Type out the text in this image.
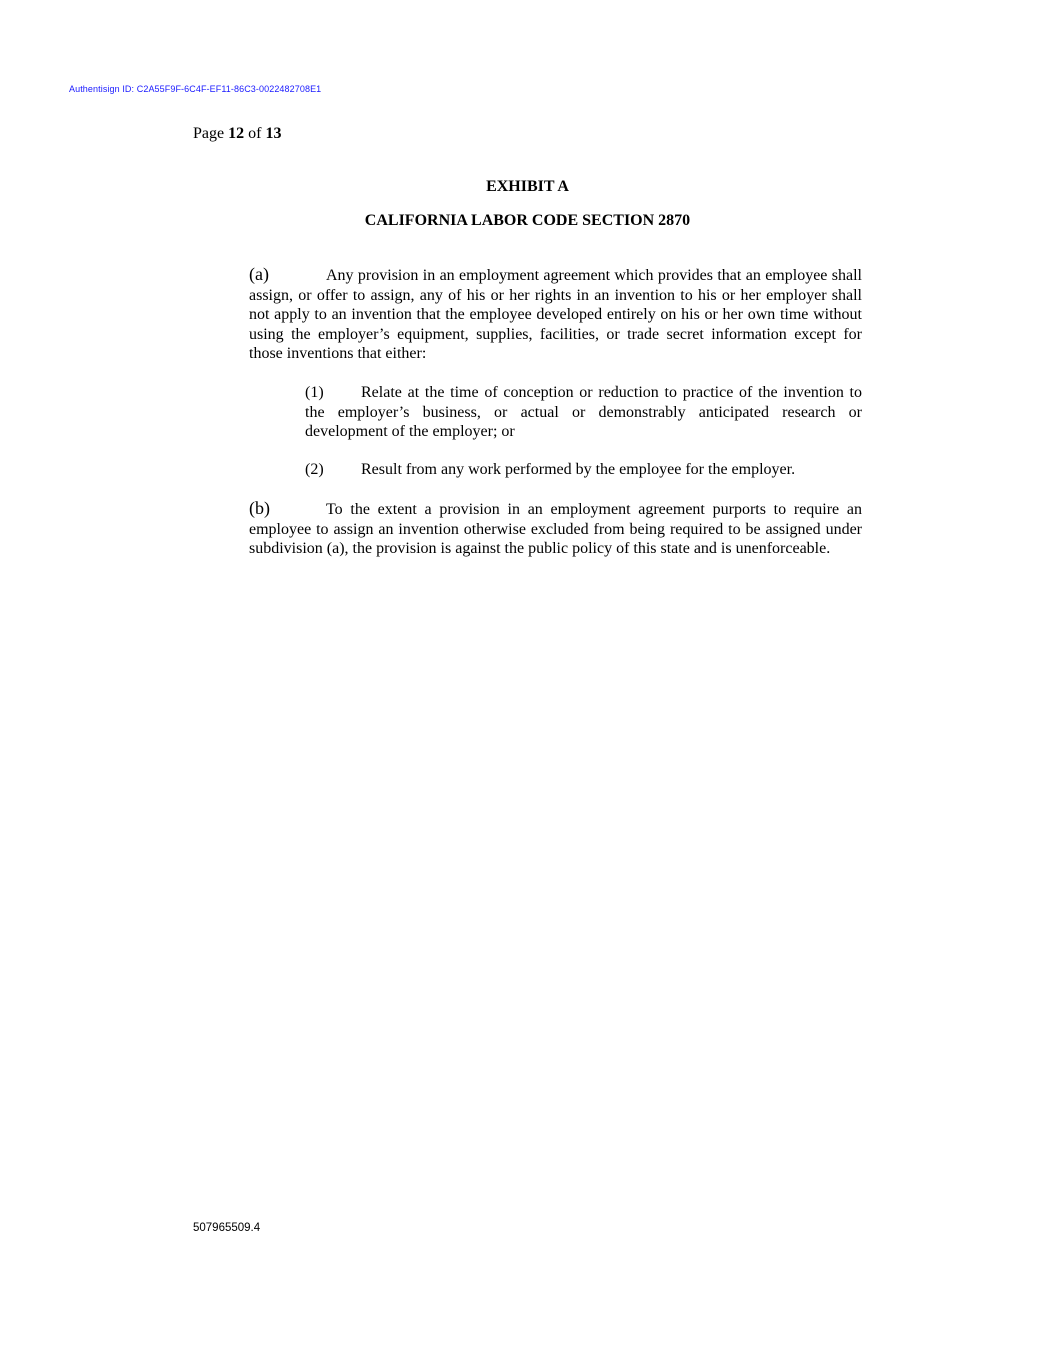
Authentisign ID: C2A55F9F-6C4F-EF11-86C3-0022482708E1
Page 12 of 13
EXHIBIT A
CALIFORNIA LABOR CODE SECTION 2870
(a)	Any provision in an employment agreement which provides that an employee shall assign, or offer to assign, any of his or her rights in an invention to his or her employer shall not apply to an invention that the employee developed entirely on his or her own time without using the employer’s equipment, supplies, facilities, or trade secret information except for those inventions that either:
(1) Relate at the time of conception or reduction to practice of the invention to the employer’s business, or actual or demonstrably anticipated research or development of the employer; or
(2) Result from any work performed by the employee for the employer.
(b)	To the extent a provision in an employment agreement purports to require an employee to assign an invention otherwise excluded from being required to be assigned under subdivision (a), the provision is against the public policy of this state and is unenforceable.
507965509.4
